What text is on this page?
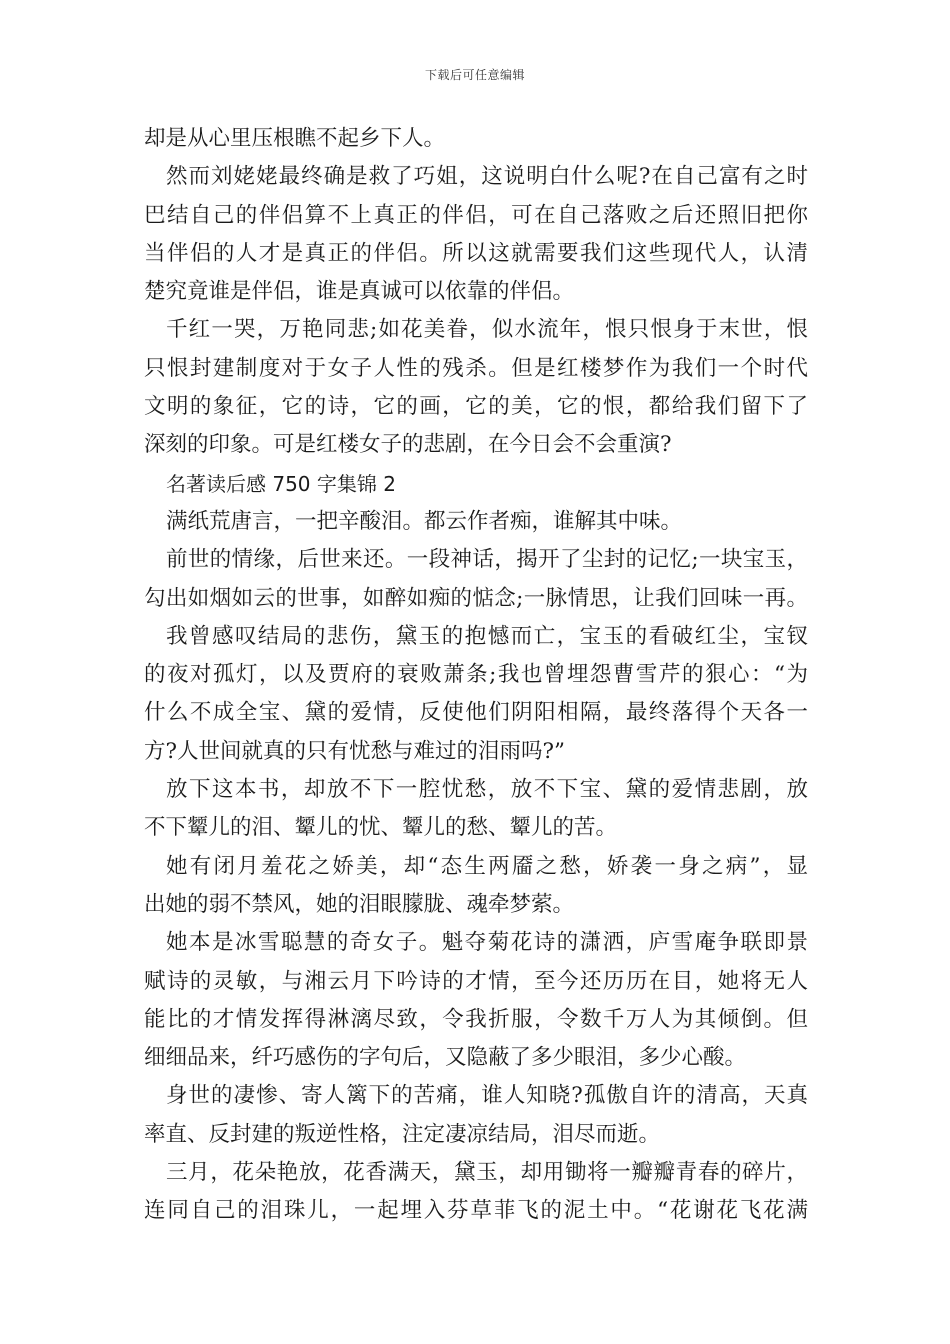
下载后可任意编辑
却是从心里压根瞧不起乡下人。
然而刘姥姥最终确是救了巧姐，这说明白什么呢?在自己富有之时
巴结自己的伴侣算不上真正的伴侣，可在自己落败之后还照旧把你
当伴侣的人才是真正的伴侣。所以这就需要我们这些现代人，认清
楚究竟谁是伴侣，谁是真诚可以依靠的伴侣。
千红一哭，万艳同悲;如花美眷，似水流年，恨只恨身于末世，恨
只恨封建制度对于女子人性的残杀。但是红楼梦作为我们一个时代
文明的象征，它的诗，它的画，它的美，它的恨，都给我们留下了
深刻的印象。可是红楼女子的悲剧，在今日会不会重演?
名著读后感 750 字集锦 2
满纸荒唐言，一把辛酸泪。都云作者痴，谁解其中味。
前世的情缘，后世来还。一段神话，揭开了尘封的记忆;一块宝玉，
勾出如烟如云的世事，如醉如痴的惦念;一脉情思，让我们回味一再。
我曾感叹结局的悲伤，黛玉的抱憾而亡，宝玉的看破红尘，宝钗
的夜对孤灯，以及贾府的衰败萧条;我也曾埋怨曹雪芹的狠心：“为
什么不成全宝、黛的爱情，反使他们阴阳相隔，最终落得个天各一
方?人世间就真的只有忧愁与难过的泪雨吗?”
放下这本书，却放不下一腔忧愁，放不下宝、黛的爱情悲剧，放
不下颦儿的泪、颦儿的忧、颦儿的愁、颦儿的苦。
她有闭月羞花之娇美，却“态生两靥之愁，娇袭一身之病”，显
出她的弱不禁风，她的泪眼朦胧、魂牵梦萦。
她本是冰雪聪慧的奇女子。魁夺菊花诗的潇洒，庐雪庵争联即景
赋诗的灵敏，与湘云月下吟诗的才情，至今还历历在目，她将无人
能比的才情发挥得淋漓尽致，令我折服，令数千万人为其倾倒。但
细细品来，纤巧感伤的字句后，又隐蔽了多少眼泪，多少心酸。
身世的凄惨、寄人篱下的苦痛，谁人知晓?孤傲自许的清高，天真
率直、反封建的叛逆性格，注定凄凉结局，泪尽而逝。
三月，花朵艳放，花香满天，黛玉，却用锄将一瓣瓣青春的碎片，
连同自己的泪珠儿，一起埋入芬草菲飞的泥土中。“花谢花飞花满
